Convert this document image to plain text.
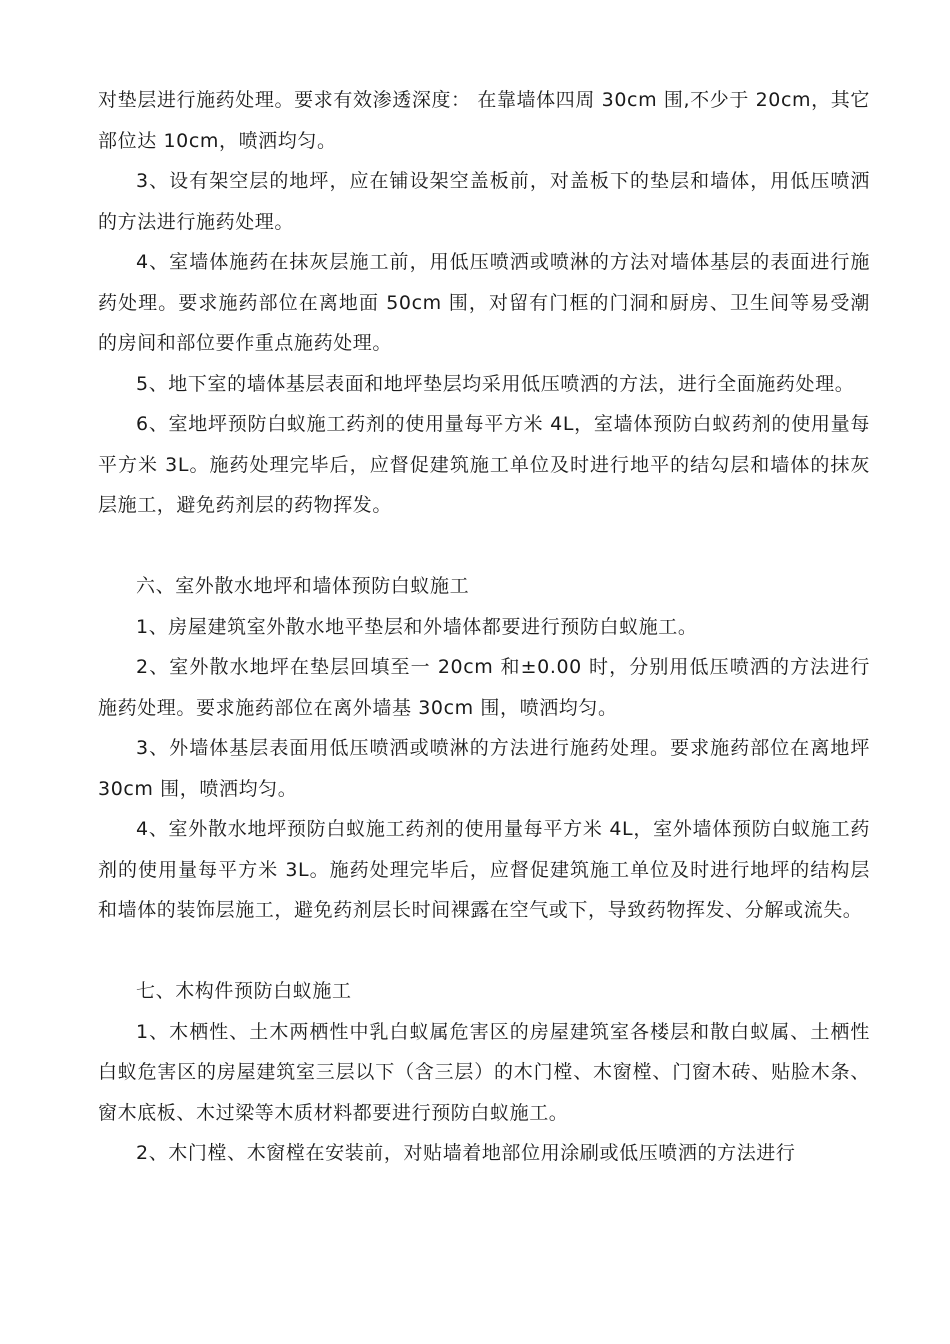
对垫层进行施药处理。要求有效渗透深度： 在靠墙体四周 30cm 围,不少于 20cm，其它部位达 10cm，喷洒均匀。

3、设有架空层的地坪，应在铺设架空盖板前，对盖板下的垫层和墙体，用低压喷洒的方法进行施药处理。

4、室墙体施药在抹灰层施工前，用低压喷洒或喷淋的方法对墙体基层的表面进行施药处理。要求施药部位在离地面 50cm 围，对留有门框的门洞和厨房、卫生间等易受潮的房间和部位要作重点施药处理。

5、地下室的墙体基层表面和地坪垫层均采用低压喷洒的方法，进行全面施药处理。

6、室地坪预防白蚁施工药剂的使用量每平方米 4L，室墙体预防白蚁药剂的使用量每平方米 3L。施药处理完毕后，应督促建筑施工单位及时进行地平的结勾层和墙体的抹灰层施工，避免药剂层的药物挥发。

六、室外散水地坪和墙体预防白蚁施工

1、房屋建筑室外散水地平垫层和外墙体都要进行预防白蚁施工。

2、室外散水地坪在垫层回填至一 20cm 和±0.00 时，分别用低压喷洒的方法进行施药处理。要求施药部位在离外墙基 30cm 围，喷洒均匀。

3、外墙体基层表面用低压喷洒或喷淋的方法进行施药处理。要求施药部位在离地坪 30cm 围，喷洒均匀。

4、室外散水地坪预防白蚁施工药剂的使用量每平方米 4L，室外墙体预防白蚁施工药剂的使用量每平方米 3L。施药处理完毕后，应督促建筑施工单位及时进行地坪的结构层和墙体的装饰层施工，避免药剂层长时间裸露在空气或下，导致药物挥发、分解或流失。

七、木构件预防白蚁施工

1、木栖性、土木两栖性中乳白蚁属危害区的房屋建筑室各楼层和散白蚁属、土栖性白蚁危害区的房屋建筑室三层以下（含三层）的木门樘、木窗樘、门窗木砖、贴脸木条、窗木底板、木过梁等木质材料都要进行预防白蚁施工。

2、木门樘、木窗樘在安装前，对贴墙着地部位用涂刷或低压喷洒的方法进行
